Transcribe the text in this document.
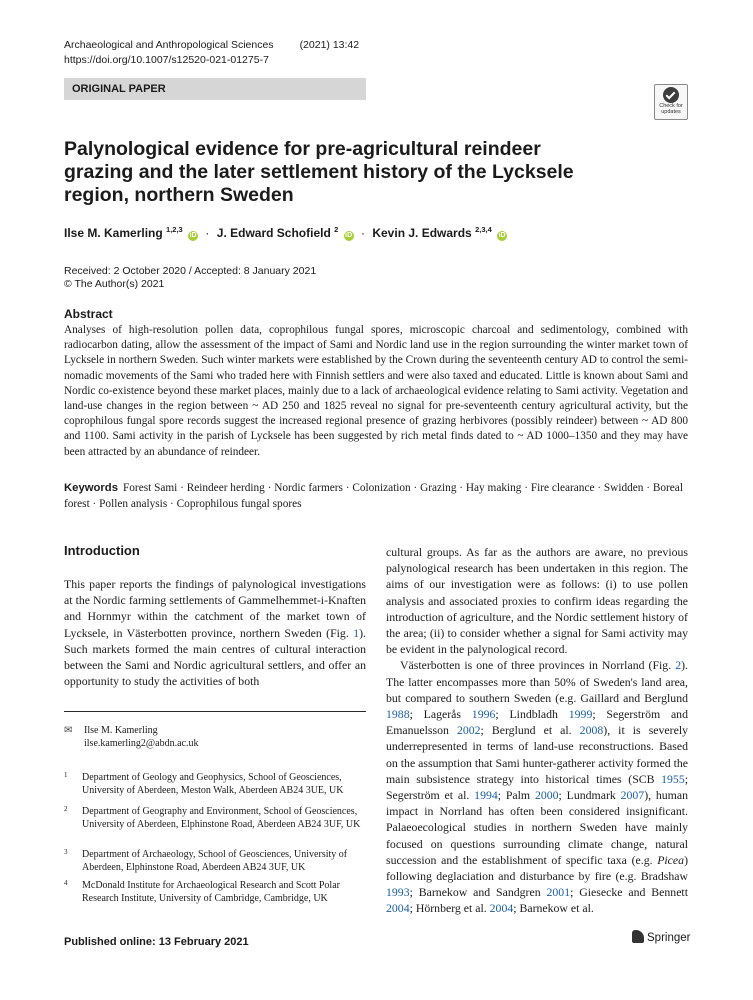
Archaeological and Anthropological Sciences (2021) 13:42
https://doi.org/10.1007/s12520-021-01275-7
ORIGINAL PAPER
Check for
updates
Palynological evidence for pre-agricultural reindeer grazing and the later settlement history of the Lycksele region, northern Sweden
Ilse M. Kamerling $^{1,2,3}$ iD · J. Edward Schofield $^2$ iD · Kevin J. Edwards $^{2,3,4}$ iD
Received: 2 October 2020 / Accepted: 8 January 2021
© The Author(s) 2021
Abstract
Analyses of high-resolution pollen data, coprophilous fungal spores, microscopic charcoal and sedimentology, combined with radiocarbon dating, allow the assessment of the impact of Sami and Nordic land use in the region surrounding the winter market town of Lycksele in northern Sweden. Such winter markets were established by the Crown during the seventeenth century AD to control the semi-nomadic movements of the Sami who traded here with Finnish settlers and were also taxed and educated. Little is known about Sami and Nordic co-existence beyond these market places, mainly due to a lack of archaeological evidence relating to Sami activity. Vegetation and land-use changes in the region between ~ AD 250 and 1825 reveal no signal for pre-seventeenth century agricultural activity, but the coprophilous fungal spore records suggest the increased regional presence of grazing herbivores (possibly reindeer) between ~ AD 800 and 1100. Sami activity in the parish of Lycksele has been suggested by rich metal finds dated to ~ AD 1000–1350 and they may have been attracted by an abundance of reindeer.
Keywords Forest Sami · Reindeer herding · Nordic farmers · Colonization · Grazing · Hay making · Fire clearance · Swidden · Boreal forest · Pollen analysis · Coprophilous fungal spores
Introduction
This paper reports the findings of palynological investigations at the Nordic farming settlements of Gammelhemmet-i-Knaften and Hornmyr within the catchment of the market town of Lycksele, in Västerbotten province, northern Sweden (Fig. 1). Such markets formed the main centres of cultural interaction between the Sami and Nordic agricultural settlers, and offer an opportunity to study the activities of both

cultural groups. As far as the authors are aware, no previous palynological research has been undertaken in this region. The aims of our investigation were as follows: (i) to use pollen analysis and associated proxies to confirm ideas regarding the introduction of agriculture, and the Nordic settlement history of the area; (ii) to consider whether a signal for Sami activity may be evident in the palynological record.

Västerbotten is one of three provinces in Norrland (Fig. 2). The latter encompasses more than 50% of Sweden's land area, but compared to southern Sweden (e.g. Gaillard and Berglund 1988; Lagerås 1996; Lindbladh 1999; Segerström and Emanuelsson 2002; Berglund et al. 2008), it is severely underrepresented in terms of land-use reconstructions. Based on the assumption that Sami hunter-gatherer activity formed the main subsistence strategy into historical times (SCB 1955; Segerström et al. 1994; Palm 2000; Lundmark 2007), human impact in Norrland has often been considered insignificant. Palaeoecological studies in northern Sweden have mainly focused on questions surrounding climate change, natural succession and the establishment of specific taxa (e.g. Picea) following deglaciation and disturbance by fire (e.g. Bradshaw 1993; Barnekow and Sandgren 2001; Giesecke and Bennett 2004; Hörnberg et al. 2004; Barnekow et al.

✉ Ilse M. Kamerling
ilse.kamerling2@abdn.ac.uk
1 Department of Geology and Geophysics, School of Geosciences, University of Aberdeen, Meston Walk, Aberdeen AB24 3UE, UK
2 Department of Geography and Environment, School of Geosciences, University of Aberdeen, Elphinstone Road, Aberdeen AB24 3UF, UK
3 Department of Archaeology, School of Geosciences, University of Aberdeen, Elphinstone Road, Aberdeen AB24 3UF, UK
4 McDonald Institute for Archaeological Research and Scott Polar Research Institute, University of Cambridge, Cambridge, UK
Published online: 13 February 2021	Springer
